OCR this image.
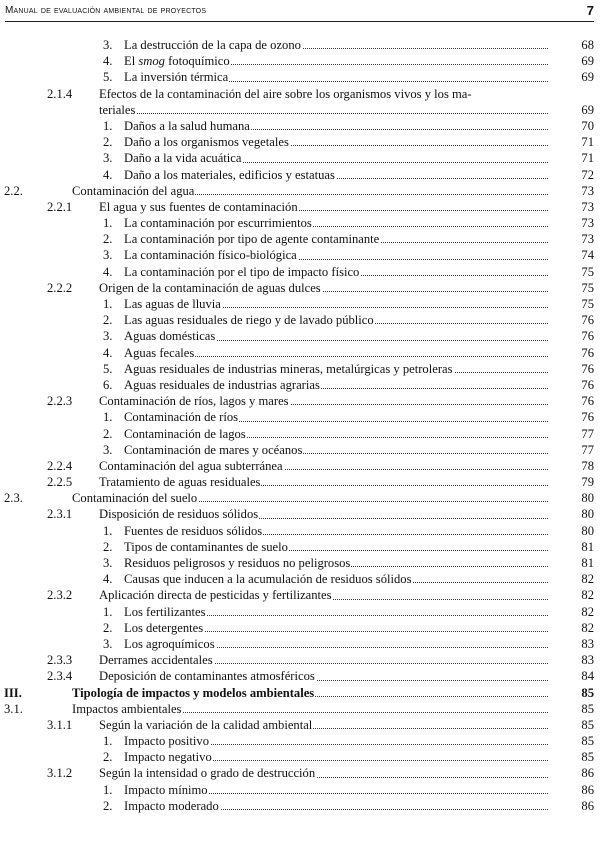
Manual de evaluación ambiental de proyectos	7
3. La destrucción de la capa de ozono	68
4. El smog fotoquímico	69
5. La inversión térmica	69
2.1.4 Efectos de la contaminación del aire sobre los organismos vivos y los ma-
teriales	69
1. Daños a la salud humana	70
2. Daño a los organismos vegetales	71
3. Daño a la vida acuática	71
4. Daño a los materiales, edificios y estatuas	72
2.2.	Contaminación del agua	73
2.2.1 El agua y sus fuentes de contaminación	73
1. La contaminación por escurrimientos	73
2. La contaminación por tipo de agente contaminante	73
3. La contaminación físico-biológica	74
4. La contaminación por el tipo de impacto físico	75
2.2.2 Origen de la contaminación de aguas dulces	75
1. Las aguas de lluvia	75
2. Las aguas residuales de riego y de lavado público	76
3. Aguas domésticas	76
4. Aguas fecales	76
5. Aguas residuales de industrias mineras, metalúrgicas y petroleras	76
6. Aguas residuales de industrias agrarias	76
2.2.3 Contaminación de ríos, lagos y mares	76
1. Contaminación de ríos	76
2. Contaminación de lagos	77
3. Contaminación de mares y océanos	77
2.2.4 Contaminación del agua subterránea	78
2.2.5 Tratamiento de aguas residuales	79
2.3.	Contaminación del suelo	80
2.3.1 Disposición de residuos sólidos	80
1. Fuentes de residuos sólidos	80
2. Tipos de contaminantes de suelo	81
3. Residuos peligrosos y residuos no peligrosos	81
4. Causas que inducen a la acumulación de residuos sólidos	82
2.3.2 Aplicación directa de pesticidas y fertilizantes	82
1. Los fertilizantes	82
2. Los detergentes	82
3. Los agroquímicos	83
2.3.3 Derrames accidentales	83
2.3.4 Deposición de contaminantes atmosféricos	84
III.	Tipología de impactos y modelos ambientales	85
3.1.	Impactos ambientales	85
3.1.1 Según la variación de la calidad ambiental	85
1. Impacto positivo	85
2. Impacto negativo	85
3.1.2 Según la intensidad o grado de destrucción	86
1. Impacto mínimo	86
2. Impacto moderado	86
